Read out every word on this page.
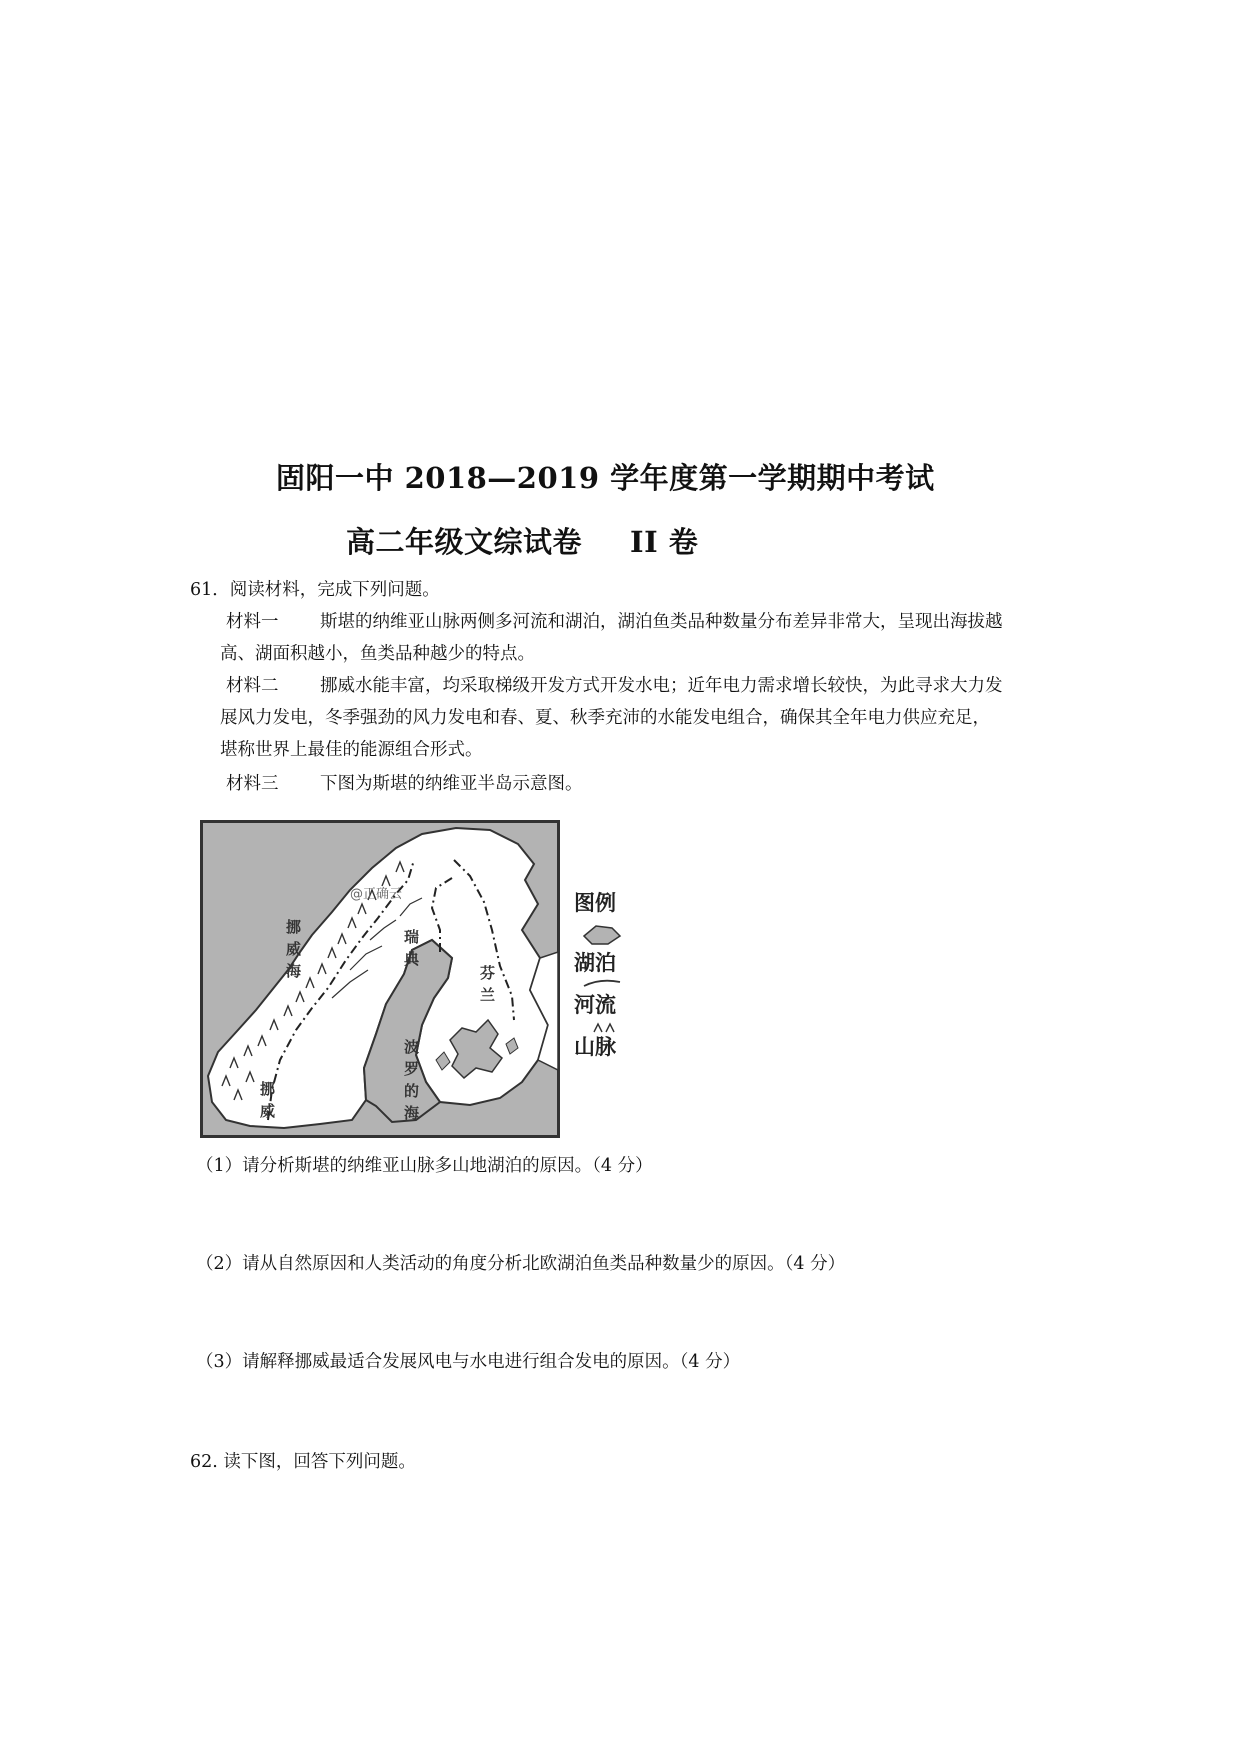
固阳一中 2018—2019 学年度第一学期期中考试
高二年级文综试卷 II 卷
61．阅读材料，完成下列问题。
材料一 斯堪的纳维亚山脉两侧多河流和湖泊，湖泊鱼类品种数量分布差异非常大，呈现出海拔越
高、湖面积越小，鱼类品种越少的特点。
材料二 挪威水能丰富，均采取梯级开发方式开发水电；近年电力需求增长较快，为此寻求大力发
展风力发电，冬季强劲的风力发电和春、夏、秋季充沛的水能发电组合，确保其全年电力供应充足，
堪称世界上最佳的能源组合形式。
材料三 下图为斯堪的纳维亚半岛示意图。
挪
威
海
瑞
典
芬
兰
波
罗
的
海
挪
威
@正确云	图例
湖泊
河流
山脉
（1）请分析斯堪的纳维亚山脉多山地湖泊的原因。（4 分）
（2）请从自然原因和人类活动的角度分析北欧湖泊鱼类品种数量少的原因。（4 分）
（3）请解释挪威最适合发展风电与水电进行组合发电的原因。（4 分）
62. 读下图，回答下列问题。
